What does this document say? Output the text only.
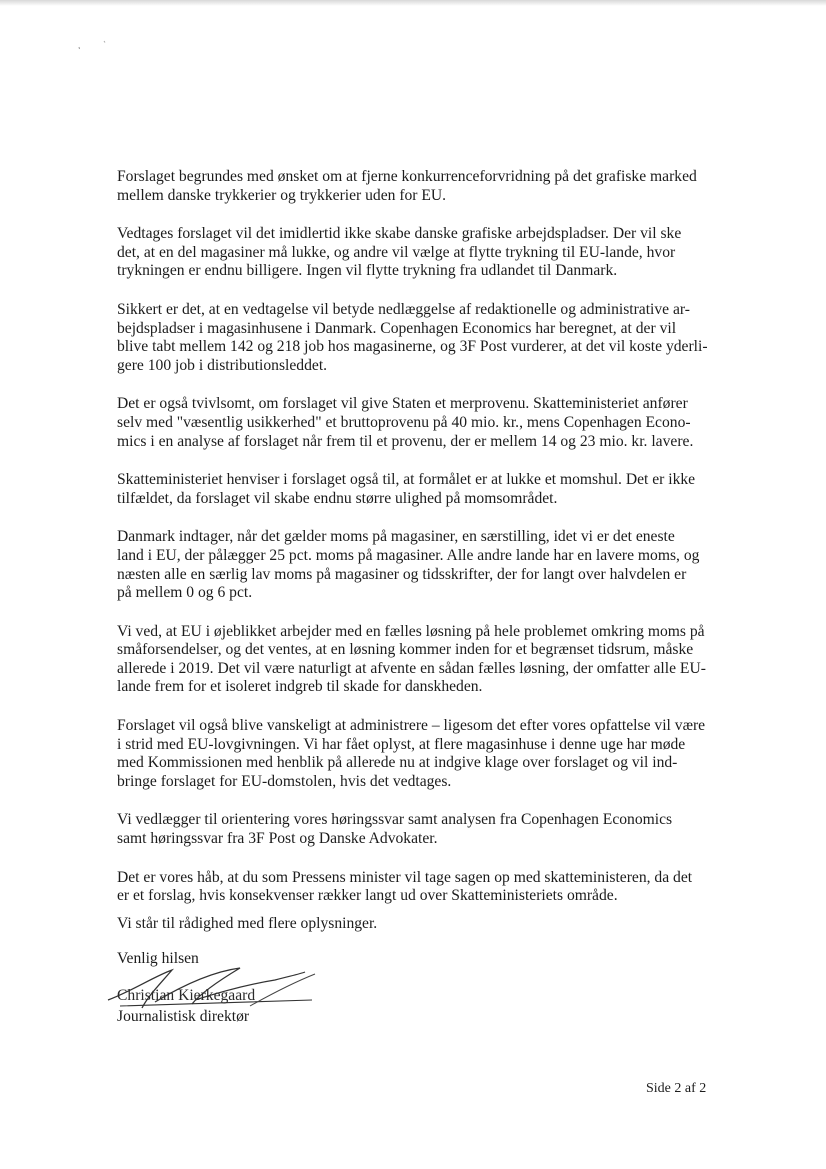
Forslaget begrundes med ønsket om at fjerne konkurrenceforvridning på det grafiske marked
mellem danske trykkerier og trykkerier uden for EU.

Vedtages forslaget vil det imidlertid ikke skabe danske grafiske arbejdspladser. Der vil ske
det, at en del magasiner må lukke, og andre vil vælge at flytte trykning til EU-lande, hvor
trykningen er endnu billigere. Ingen vil flytte trykning fra udlandet til Danmark.

Sikkert er det, at en vedtagelse vil betyde nedlæggelse af redaktionelle og administrative ar-
bejdspladser i magasinhusene i Danmark. Copenhagen Economics har beregnet, at der vil
blive tabt mellem 142 og 218 job hos magasinerne, og 3F Post vurderer, at det vil koste yderli-
gere 100 job i distributionsleddet.

Det er også tvivlsomt, om forslaget vil give Staten et merprovenu. Skatteministeriet anfører
selv med "væsentlig usikkerhed" et bruttoprovenu på 40 mio. kr., mens Copenhagen Econo-
mics i en analyse af forslaget når frem til et provenu, der er mellem 14 og 23 mio. kr. lavere.

Skatteministeriet henviser i forslaget også til, at formålet er at lukke et momshul. Det er ikke
tilfældet, da forslaget vil skabe endnu større ulighed på momsområdet.

Danmark indtager, når det gælder moms på magasiner, en særstilling, idet vi er det eneste
land i EU, der pålægger 25 pct. moms på magasiner. Alle andre lande har en lavere moms, og
næsten alle en særlig lav moms på magasiner og tidsskrifter, der for langt over halvdelen er
på mellem 0 og 6 pct.

Vi ved, at EU i øjeblikket arbejder med en fælles løsning på hele problemet omkring moms på
småforsendelser, og det ventes, at en løsning kommer inden for et begrænset tidsrum, måske
allerede i 2019. Det vil være naturligt at afvente en sådan fælles løsning, der omfatter alle EU-
lande frem for et isoleret indgreb til skade for danskheden.

Forslaget vil også blive vanskeligt at administrere – ligesom det efter vores opfattelse vil være
i strid med EU-lovgivningen. Vi har fået oplyst, at flere magasinhuse i denne uge har møde
med Kommissionen med henblik på allerede nu at indgive klage over forslaget og vil ind-
bringe forslaget for EU-domstolen, hvis det vedtages.

Vi vedlægger til orientering vores høringssvar samt analysen fra Copenhagen Economics
samt høringssvar fra 3F Post og Danske Advokater.

Det er vores håb, at du som Pressens minister vil tage sagen op med skatteministeren, da det
er et forslag, hvis konsekvenser rækker langt ud over Skatteministeriets område.

Vi står til rådighed med flere oplysninger.
Venlig hilsen
Christian Kierkegaard
Journalistisk direktør
Side 2 af 2
